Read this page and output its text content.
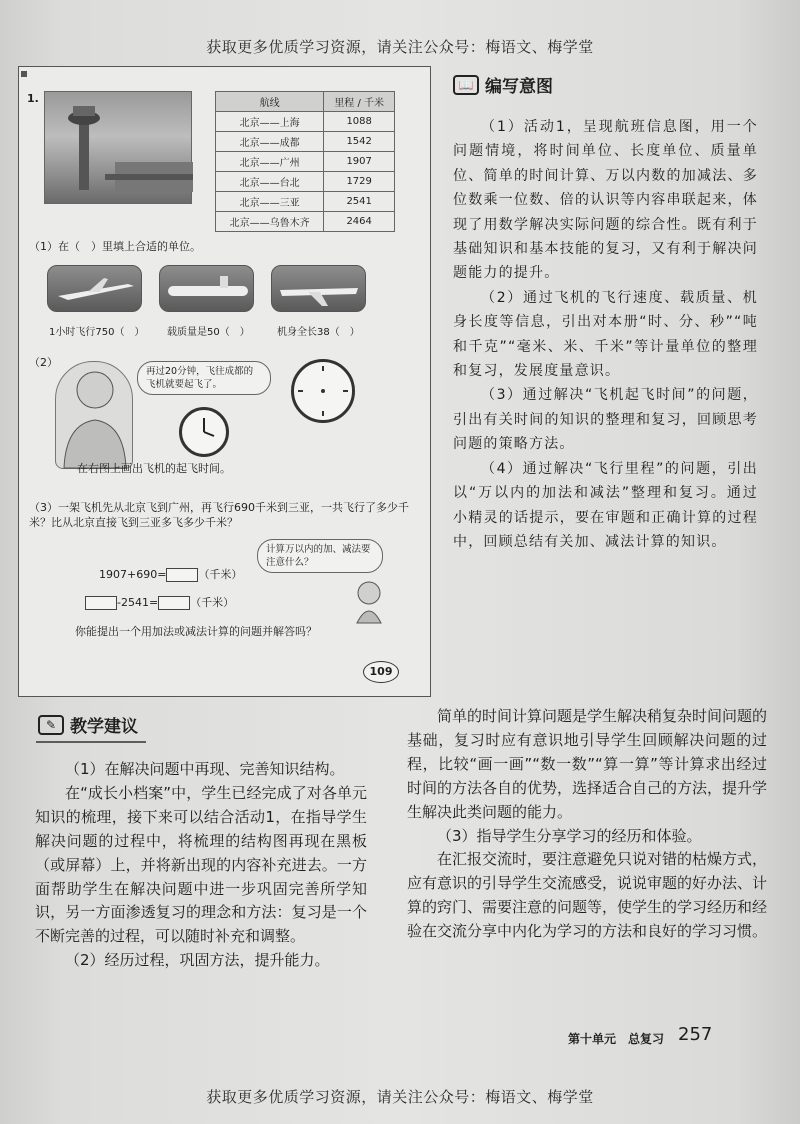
获取更多优质学习资源，请关注公众号：梅语文、梅学堂
1.	航线	里程 / 千米
北京——上海	1088
北京——成都	1542
北京——广州	1907
北京——台北	1729
北京——三亚	2541
北京——乌鲁木齐	2464
（1）在（　）里填上合适的单位。
1小时飞行750（　） 载质量是50（　）	机身全长38（　）
（2）
再过20分钟，飞往成都的飞机就要起飞了。
在右图上画出飞机的起飞时间。
（3）一架飞机先从北京飞到广州，再飞行690千米到三亚，一共飞行了多少千米？比从北京直接飞到三亚多飞多少千米？
计算万以内的加、减法要注意什么？
1907+690=	（千米）
-2541=	（千米）
你能提出一个用加法或减法计算的问题并解答吗？
109
📖 编写意图

（1）活动1，呈现航班信息图，用一个问题情境，将时间单位、长度单位、质量单位、简单的时间计算、万以内数的加减法、多位数乘一位数、倍的认识等内容串联起来，体现了用数学解决实际问题的综合性。既有利于基础知识和基本技能的复习，又有利于解决问题能力的提升。

（2）通过飞机的飞行速度、载质量、机身长度等信息，引出对本册“时、分、秒”“吨和千克”“毫米、米、千米”等计量单位的整理和复习，发展度量意识。

（3）通过解决“飞机起飞时间”的问题，引出有关时间的知识的整理和复习，回顾思考问题的策略方法。

（4）通过解决“飞行里程”的问题，引出以“万以内的加法和减法”整理和复习。通过小精灵的话提示，要在审题和正确计算的过程中，回顾总结有关加、减法计算的知识。

✎ 教学建议

（1）在解决问题中再现、完善知识结构。

在“成长小档案”中，学生已经完成了对各单元知识的梳理，接下来可以结合活动1，在指导学生解决问题的过程中，将梳理的结构图再现在黑板（或屏幕）上，并将新出现的内容补充进去。一方面帮助学生在解决问题中进一步巩固完善所学知识，另一方面渗透复习的理念和方法：复习是一个不断完善的过程，可以随时补充和调整。

（2）经历过程，巩固方法，提升能力。

简单的时间计算问题是学生解决稍复杂时间问题的基础，复习时应有意识地引导学生回顾解决问题的过程，比较“画一画”“数一数”“算一算”等计算求出经过时间的方法各自的优势，选择适合自己的方法，提升学生解决此类问题的能力。

（3）指导学生分享学习的经历和体验。

在汇报交流时，要注意避免只说对错的枯燥方式，应有意识的引导学生交流感受，说说审题的好办法、计算的窍门、需要注意的问题等，使学生的学习经历和经验在交流分享中内化为学习的方法和良好的学习习惯。

第十单元　总复习 257
获取更多优质学习资源，请关注公众号：梅语文、梅学堂
